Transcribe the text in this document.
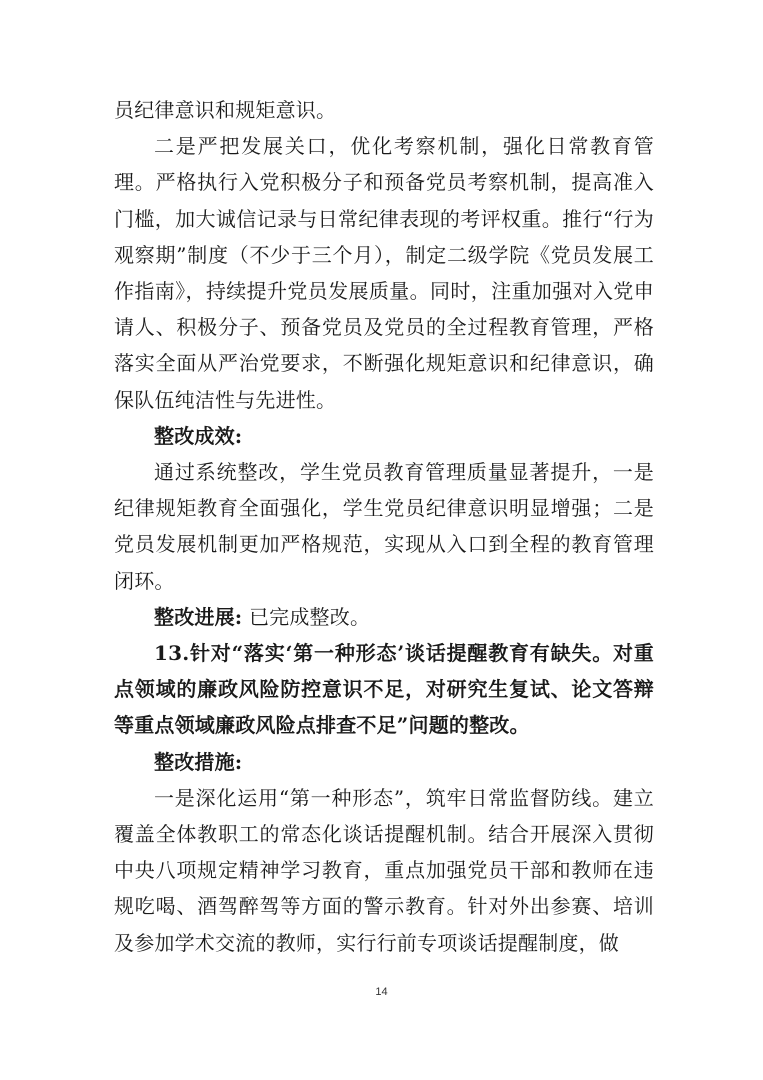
员纪律意识和规矩意识。

二是严把发展关口，优化考察机制，强化日常教育管理。严格执行入党积极分子和预备党员考察机制，提高准入门槛，加大诚信记录与日常纪律表现的考评权重。推行“行为观察期”制度（不少于三个月），制定二级学院《党员发展工作指南》，持续提升党员发展质量。同时，注重加强对入党申请人、积极分子、预备党员及党员的全过程教育管理，严格落实全面从严治党要求，不断强化规矩意识和纪律意识，确保队伍纯洁性与先进性。

整改成效:

通过系统整改，学生党员教育管理质量显著提升，一是纪律规矩教育全面强化，学生党员纪律意识明显增强；二是党员发展机制更加严格规范，实现从入口到全程的教育管理闭环。

整改进展: 已完成整改。

13.针对“落实‘第一种形态’谈话提醒教育有缺失。对重点领域的廉政风险防控意识不足，对研究生复试、论文答辩等重点领域廉政风险点排查不足”问题的整改。

整改措施:

一是深化运用“第一种形态”，筑牢日常监督防线。建立覆盖全体教职工的常态化谈话提醒机制。结合开展深入贯彻中央八项规定精神学习教育，重点加强党员干部和教师在违规吃喝、酒驾醉驾等方面的警示教育。针对外出参赛、培训及参加学术交流的教师，实行行前专项谈话提醒制度，做

14
